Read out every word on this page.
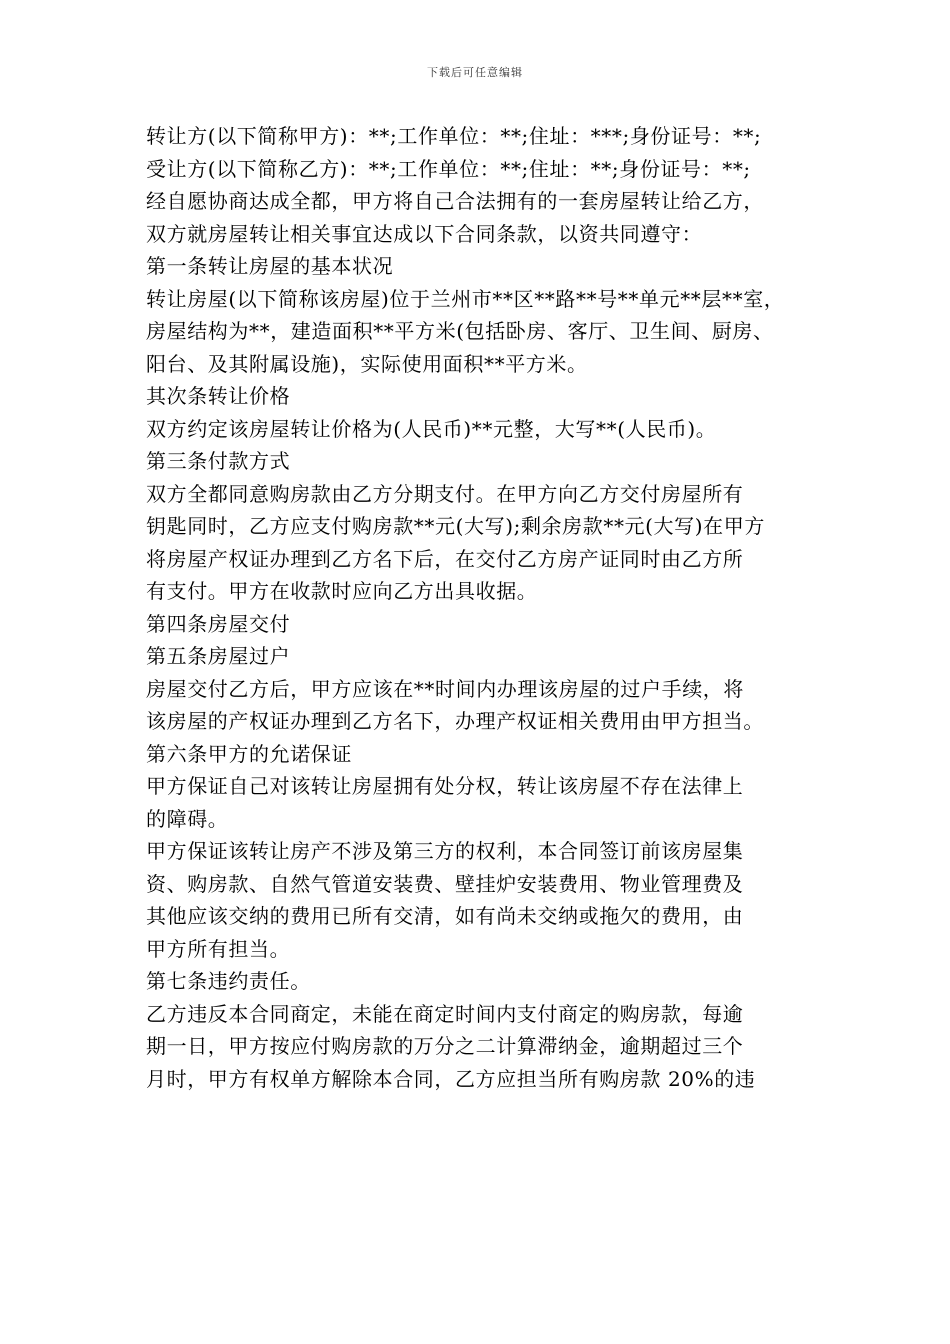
下载后可任意编辑
转让方(以下简称甲方)：**;工作单位：**;住址：***;身份证号：**;
受让方(以下简称乙方)：**;工作单位：**;住址：**;身份证号：**;
经自愿协商达成全都，甲方将自己合法拥有的一套房屋转让给乙方，
双方就房屋转让相关事宜达成以下合同条款，以资共同遵守：
第一条转让房屋的基本状况
转让房屋(以下简称该房屋)位于兰州市**区**路**号**单元**层**室，
房屋结构为**，建造面积**平方米(包括卧房、客厅、卫生间、厨房、
阳台、及其附属设施)，实际使用面积**平方米。
其次条转让价格
双方约定该房屋转让价格为(人民币)**元整，大写**(人民币)。
第三条付款方式
双方全都同意购房款由乙方分期支付。在甲方向乙方交付房屋所有
钥匙同时，乙方应支付购房款**元(大写);剩余房款**元(大写)在甲方
将房屋产权证办理到乙方名下后，在交付乙方房产证同时由乙方所
有支付。甲方在收款时应向乙方出具收据。
第四条房屋交付
第五条房屋过户
房屋交付乙方后，甲方应该在**时间内办理该房屋的过户手续，将
该房屋的产权证办理到乙方名下，办理产权证相关费用由甲方担当。
第六条甲方的允诺保证
甲方保证自己对该转让房屋拥有处分权，转让该房屋不存在法律上
的障碍。
甲方保证该转让房产不涉及第三方的权利，本合同签订前该房屋集
资、购房款、自然气管道安装费、壁挂炉安装费用、物业管理费及
其他应该交纳的费用已所有交清，如有尚未交纳或拖欠的费用，由
甲方所有担当。
第七条违约责任。
乙方违反本合同商定，未能在商定时间内支付商定的购房款，每逾
期一日，甲方按应付购房款的万分之二计算滞纳金，逾期超过三个
月时，甲方有权单方解除本合同，乙方应担当所有购房款 20%的违
